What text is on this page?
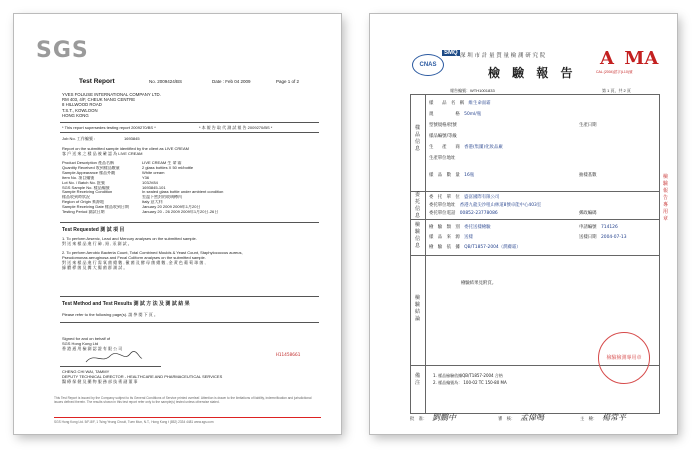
SGS
Test Report	No. 2009424/BS	Date : Feb 04 2009	Page 1 of 2
YVES FOLIUSE INTERNATIONAL COMPANY LTD.
RM 403, 4/F, CHEUK NANG CENTRE
8 HILLWOOD ROAD
T.S.T., KOWLOON
HONG KONG
* This report supersedes testing report 2009270/BS *	* 本 報 告 取 代 測 試 報 告 2009270/BS *
Job No. 工作編號 :	1693845
Report on the submitted sample identified by the client as LIVE CREAM
客 戶 送 來 之 樣 品 被 確 認 為 LIVE CREAM
Product Description 產品名稱	LIVE CREAM 生 命 霜
Quantity Received 收到樣品數量	2 glass bottles X 50 ml/bottle
Sample Appearance 樣品外觀	White cream
Item No. 項目編號	Y36
Lot No. / Batch No. 批號	103JV84
SGS Sample No. 樣品編號	1693845-101
Sample Receiving Condition	In sealed glass bottle under ambient condition
樣品收到時狀況	室溫下密封的玻璃樽內
Region of Origin 來源地	Italy 意大利
Sample Receiving Date 樣品收到日期	January 20 2009 2009年1月20日
Testing Period 測試日期	January 20 - 26 2009 2009年1月20日-26日
Test Requested 測 試 項 目
1. To perform Arsenic, Lead and Mercury analyses on the submitted sample.
對 送 來 樣 品 進 行 砷 , 鉛 , 汞 測 試 。
2. To perform Aerobic Bacteria Count, Total Combined Moulds & Yeast Count, Staphylococcus aureus,
Pseudomonas aeruginosa and Fecal Coliform analyses on the submitted sample.
對 送 來 樣 品 進 行 需 氧 菌 總 數 , 黴 菌 及 酵 母 菌 總 數 , 金 黃 色 葡 萄 球 菌 ,
綠 膿 桿 菌 及 糞 大 腸 菌 群 測 試 。
Test Method and Test Results 測 試 方 法 及 測 試 結 果
Please refer to the following page(s). 請 參 閱 下 頁 。
Signed for and on behalf of
SGS Hong Kong Ltd
香 港 通 用 檢 測 認 證 有 限 公 司
H11458661
CHENG CHI WAI, TAMMY
DEPUTY TECHNICAL DIRECTOR - HEALTHCARE AND PHARMACEUTICAL SERVICES
醫 療 保 健 及 藥 物 服 務 部 技 術 副 董 事
This Test Report is issued by the Company subject to its General Conditions of Service printed overleaf. Attention is drawn to the limitations of liability, indemnification and jurisdictional issues defined therein. The results shown in this test report refer only to the sample(s) tested unless otherwise stated.
SGS Hong Kong Ltd. 5/F-8/F, 1 Tsing Yeung Circuit, Tuen Mun, N.T., Hong Kong t (852) 2334 4481 www.sgs.com
CNAS
SMQ 深 圳 市 計 量 質 量 檢 測 研 究 院	A MA
CAL (2004)認字(L10)號
檢 驗 報 告
報告編號：WTH1001833	第 1 頁，共 2 頁
樣品信息
委托信息
檢驗信息
檢驗結論
備注
樣　　品　名　稱　 維生命面霜
規　　　　　格　 50ml/瓶
型號規格/批號　	生產日期
樣品編號/等級
生　　產　　商　 香港(集團)化妝品廠
生產單位地址
樣　品　數　量　 16瓶	抽樣基數
委　托　單　位　 盛富國際有限公司
委托單位地址　 香港九龍尖沙咀山林道8號卓能中心403室
委托單位電話　 00852-23778086	郵政編碼
檢　驗　類　別　 委托送樣檢驗	申請編號　 714126
樣　品　來　源　 送樣	送樣日期　 2004-07-13
檢　驗　依　據　 QB/T1857-2004（潤膚霜）
檢驗結果見附頁。
1. 樣品檢驗依據QB/T1857-2004 合格
2. 樣品編號為： 100-02 TC 150-80 MA
檢驗檢測專用章
檢驗報告專用章
批　准： 劉鵬中	審　核： 孟偉鳴	主　檢： 楊常平
